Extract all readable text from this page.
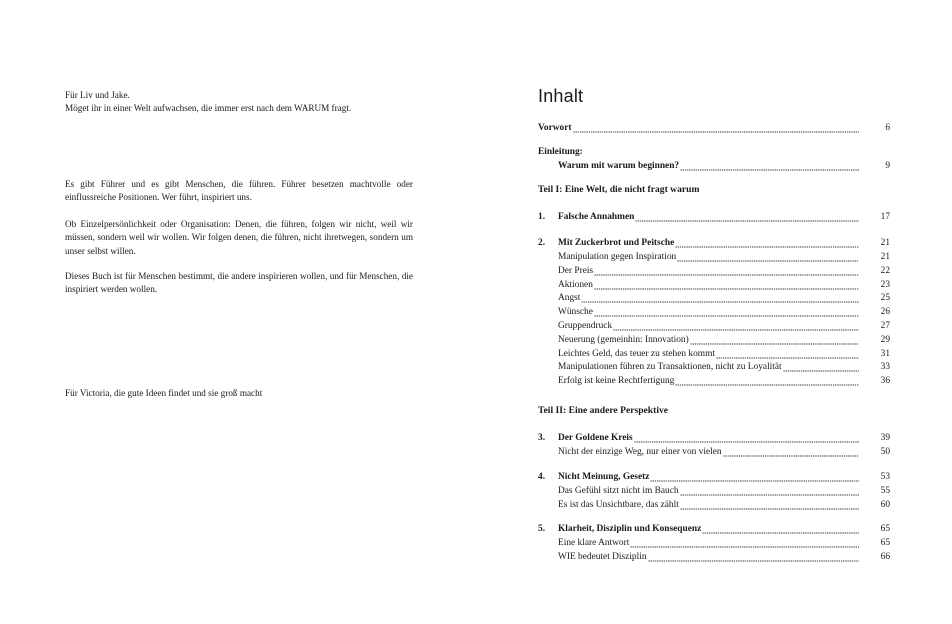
Für Liv und Jake.
Möget ihr in einer Welt aufwachsen, die immer erst nach dem WARUM fragt.

Es gibt Führer und es gibt Menschen, die führen. Führer besetzen machtvolle oder einflussreiche Positionen. Wer führt, inspiriert uns.

Ob Einzelpersönlichkeit oder Organisation: Denen, die führen, folgen wir nicht, weil wir müssen, sondern weil wir wollen. Wir folgen denen, die führen, nicht ihretwegen, sondern um unser selbst willen.

Dieses Buch ist für Menschen bestimmt, die andere inspirieren wollen, und für Menschen, die inspiriert werden wollen.

Für Victoria, die gute Ideen findet und sie groß macht

Inhalt
Vorwort	6

Einleitung:

Warum mit warum beginnen?	9

Teil I: Eine Welt, die nicht fragt warum

1. Falsche Annahmen	17
2. Mit Zuckerbrot und Peitsche	21
Manipulation gegen Inspiration	21
Der Preis	22
Aktionen	23
Angst	25
Wünsche	26
Gruppendruck	27
Neuerung (gemeinhin: Innovation)	29
Leichtes Geld, das teuer zu stehen kommt	31
Manipulationen führen zu Transaktionen, nicht zu Loyalität	33
Erfolg ist keine Rechtfertigung	36

Teil II: Eine andere Perspektive

3. Der Goldene Kreis	39
Nicht der einzige Weg, nur einer von vielen	50
4. Nicht Meinung, Gesetz	53
Das Gefühl sitzt nicht im Bauch	55
Es ist das Unsichtbare, das zählt	60
5. Klarheit, Disziplin und Konsequenz	65
Eine klare Antwort	65
WIE bedeutet Disziplin	66
